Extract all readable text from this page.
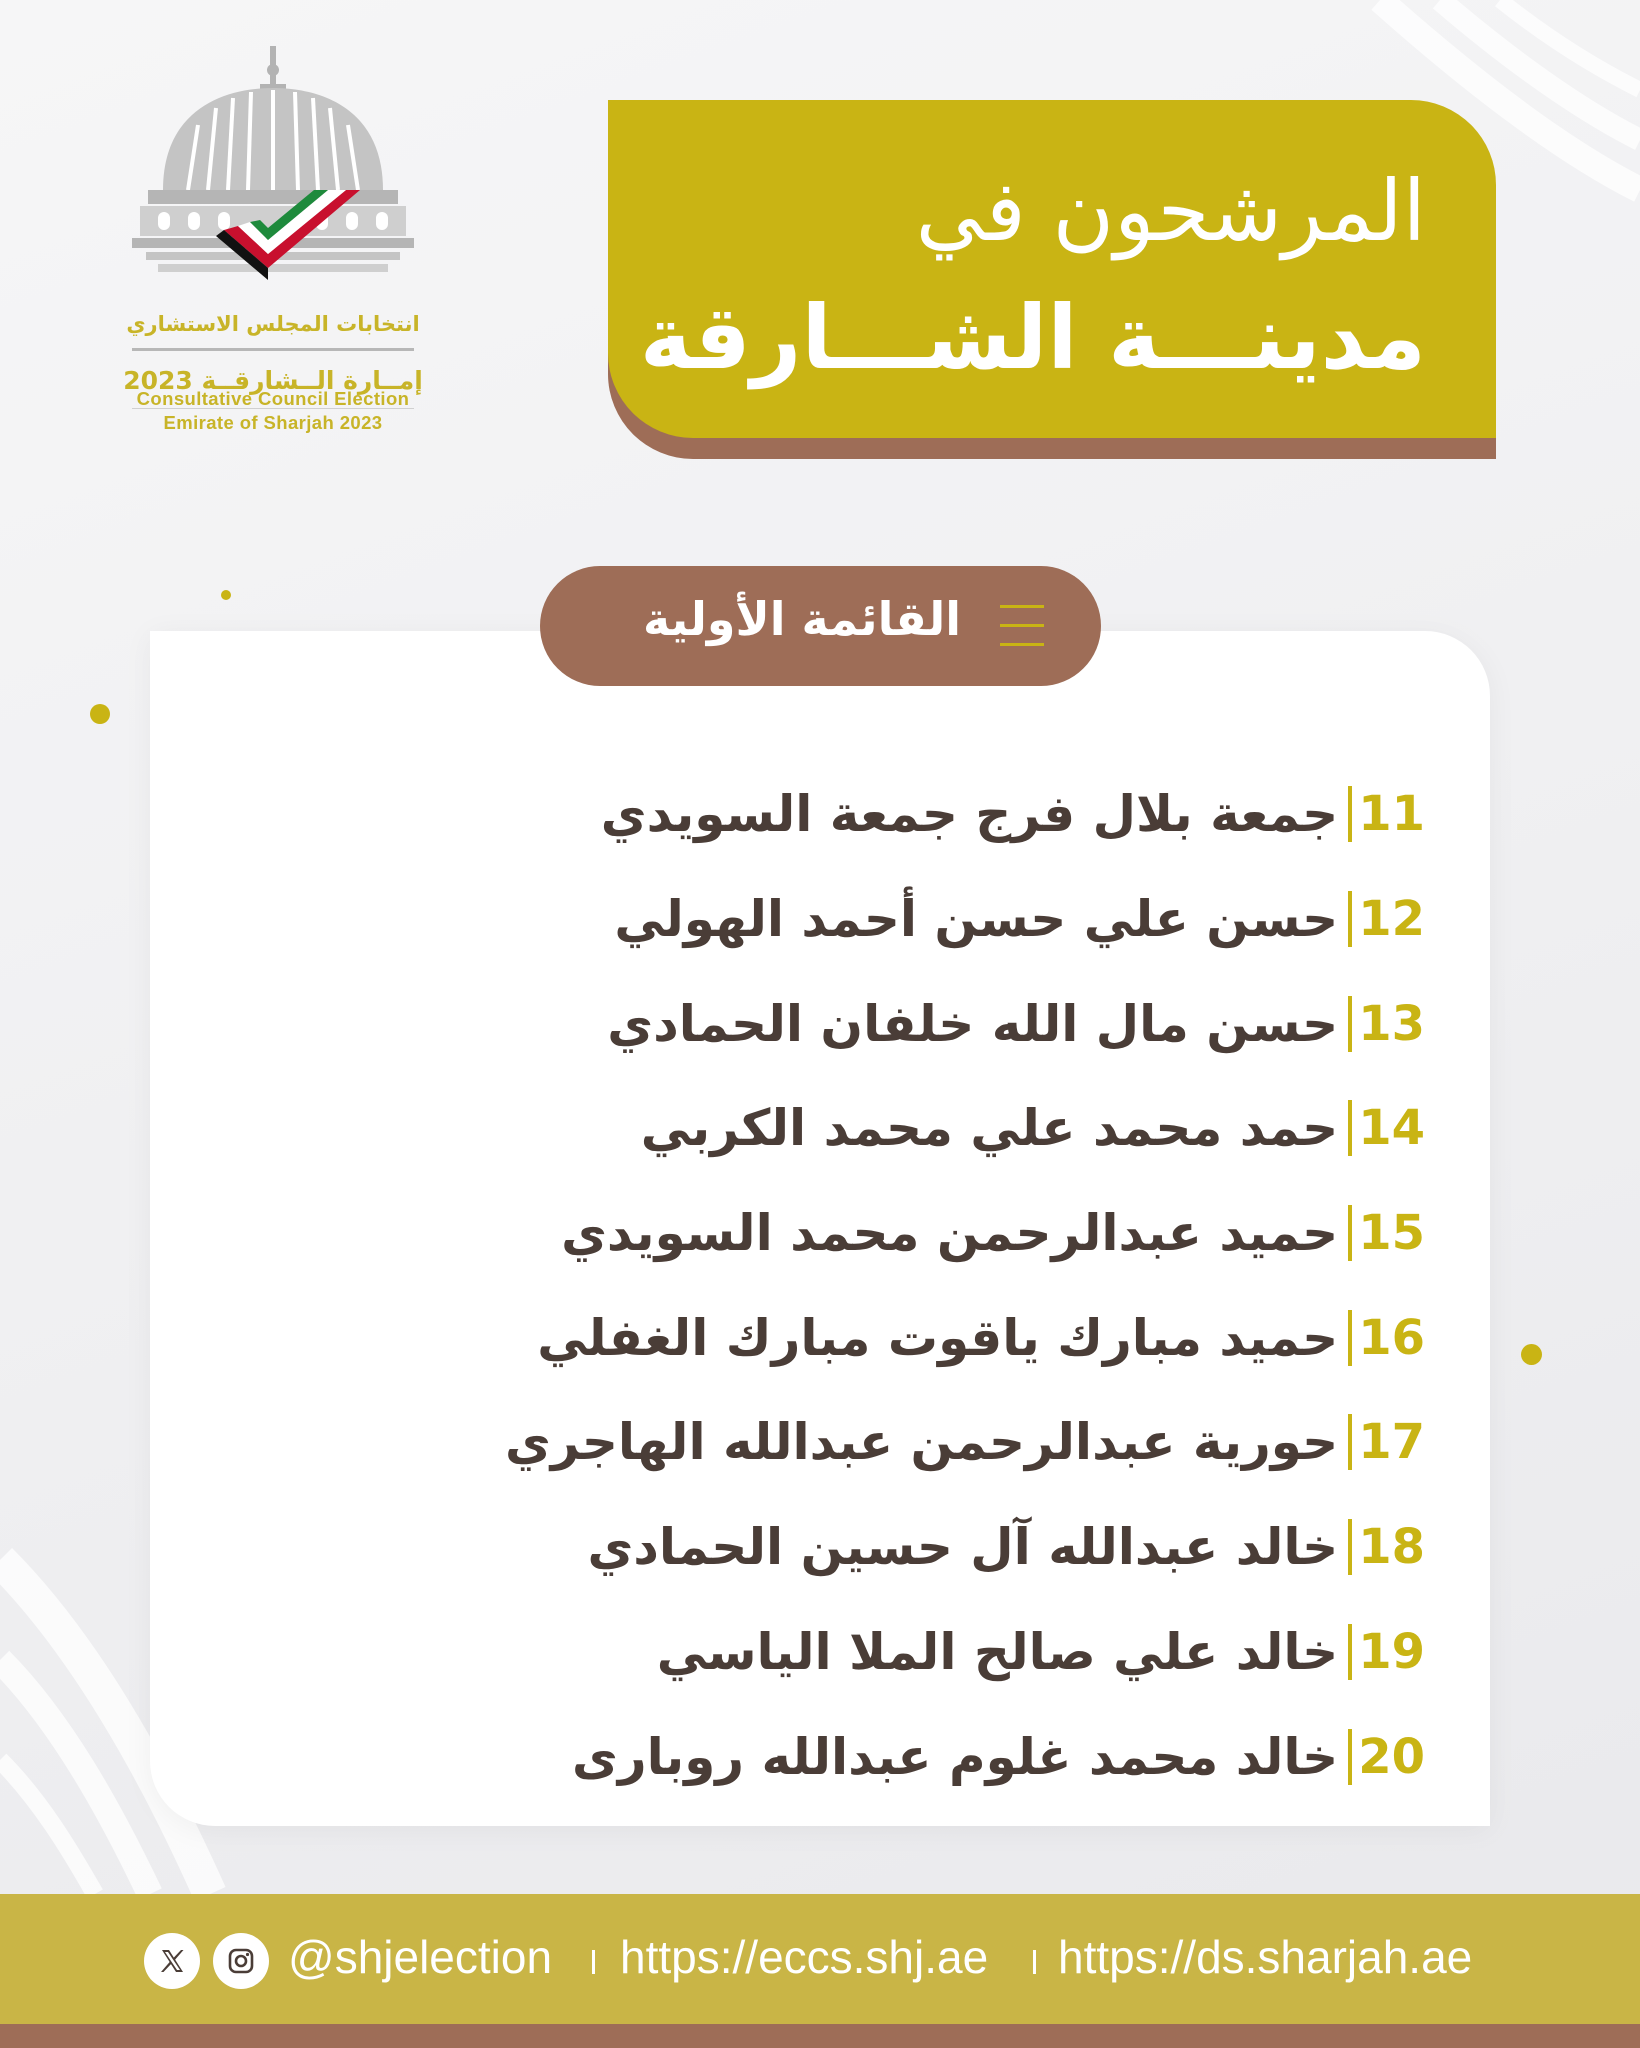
انتخابات المجلس الاستشاري
إمــارة الــشارقــة 2023
Consultative Council Election
Emirate of Sharjah 2023
المرشحون في
مدينـــة الشـــارقة
القائمة الأولية
11
جمعة بلال فرج جمعة السويدي
12
حسن علي حسن أحمد الهولي
13
حسن مال الله خلفان الحمادي
14
حمد محمد علي محمد الكربي
15
حميد عبدالرحمن محمد السويدي
16
حميد مبارك ياقوت مبارك الغفلي
17
حورية عبدالرحمن عبدالله الهاجري
18
خالد عبدالله آل حسين الحمادي
19
خالد علي صالح الملا الياسي
20
خالد محمد غلوم عبدالله روبارى
@shjelection https://eccs.shj.ae https://ds.sharjah.ae
